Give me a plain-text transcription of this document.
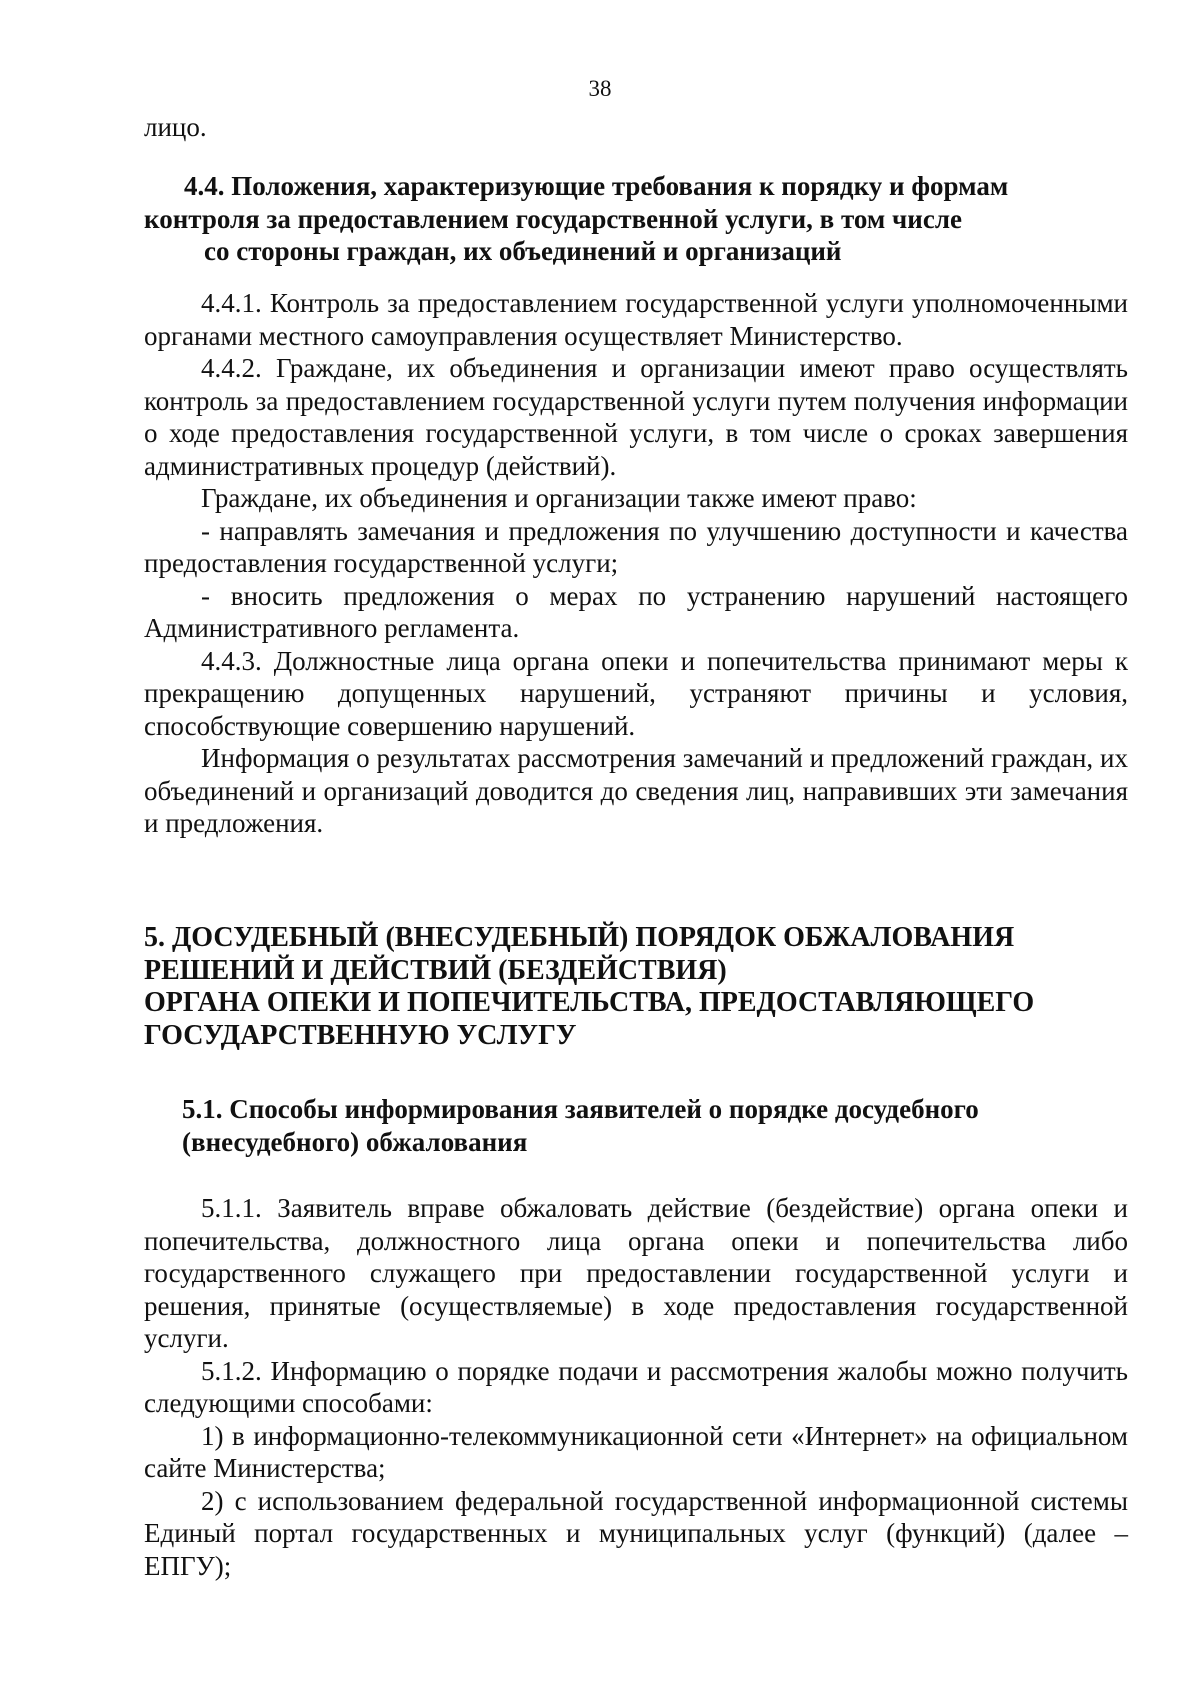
38

лицо.

4.4. Положения, характеризующие требования к порядку и формам

контроля за предоставлением государственной услуги, в том числе

со стороны граждан, их объединений и организаций

4.4.1. Контроль за предоставлением государственной услуги уполномоченными органами местного самоуправления осуществляет Министерство.

4.4.2. Граждане, их объединения и организации имеют право осуществлять контроль за предоставлением государственной услуги путем получения информации о ходе предоставления государственной услуги, в том числе о сроках завершения административных процедур (действий).

Граждане, их объединения и организации также имеют право:

- направлять замечания и предложения по улучшению доступности и качества предоставления государственной услуги;

- вносить предложения о мерах по устранению нарушений настоящего Административного регламента.

4.4.3. Должностные лица органа опеки и попечительства принимают меры к прекращению допущенных нарушений, устраняют причины и условия, способствующие совершению нарушений.

Информация о результатах рассмотрения замечаний и предложений граждан, их объединений и организаций доводится до сведения лиц, направивших эти замечания и предложения.

5. ДОСУДЕБНЫЙ (ВНЕСУДЕБНЫЙ) ПОРЯДОК ОБЖАЛОВАНИЯ

РЕШЕНИЙ И ДЕЙСТВИЙ (БЕЗДЕЙСТВИЯ)

ОРГАНА ОПЕКИ И ПОПЕЧИТЕЛЬСТВА, ПРЕДОСТАВЛЯЮЩЕГО

ГОСУДАРСТВЕННУЮ УСЛУГУ

5.1. Способы информирования заявителей о порядке досудебного

(внесудебного) обжалования

5.1.1. Заявитель вправе обжаловать действие (бездействие) органа опеки и попечительства, должностного лица органа опеки и попечительства либо государственного служащего при предоставлении государственной услуги и решения, принятые (осуществляемые) в ходе предоставления государственной услуги.

5.1.2. Информацию о порядке подачи и рассмотрения жалобы можно получить следующими способами:

1) в информационно-телекоммуникационной сети «Интернет» на официальном сайте Министерства;

2) с использованием федеральной государственной информационной системы Единый портал государственных и муниципальных услуг (функций) (далее – ЕПГУ);
